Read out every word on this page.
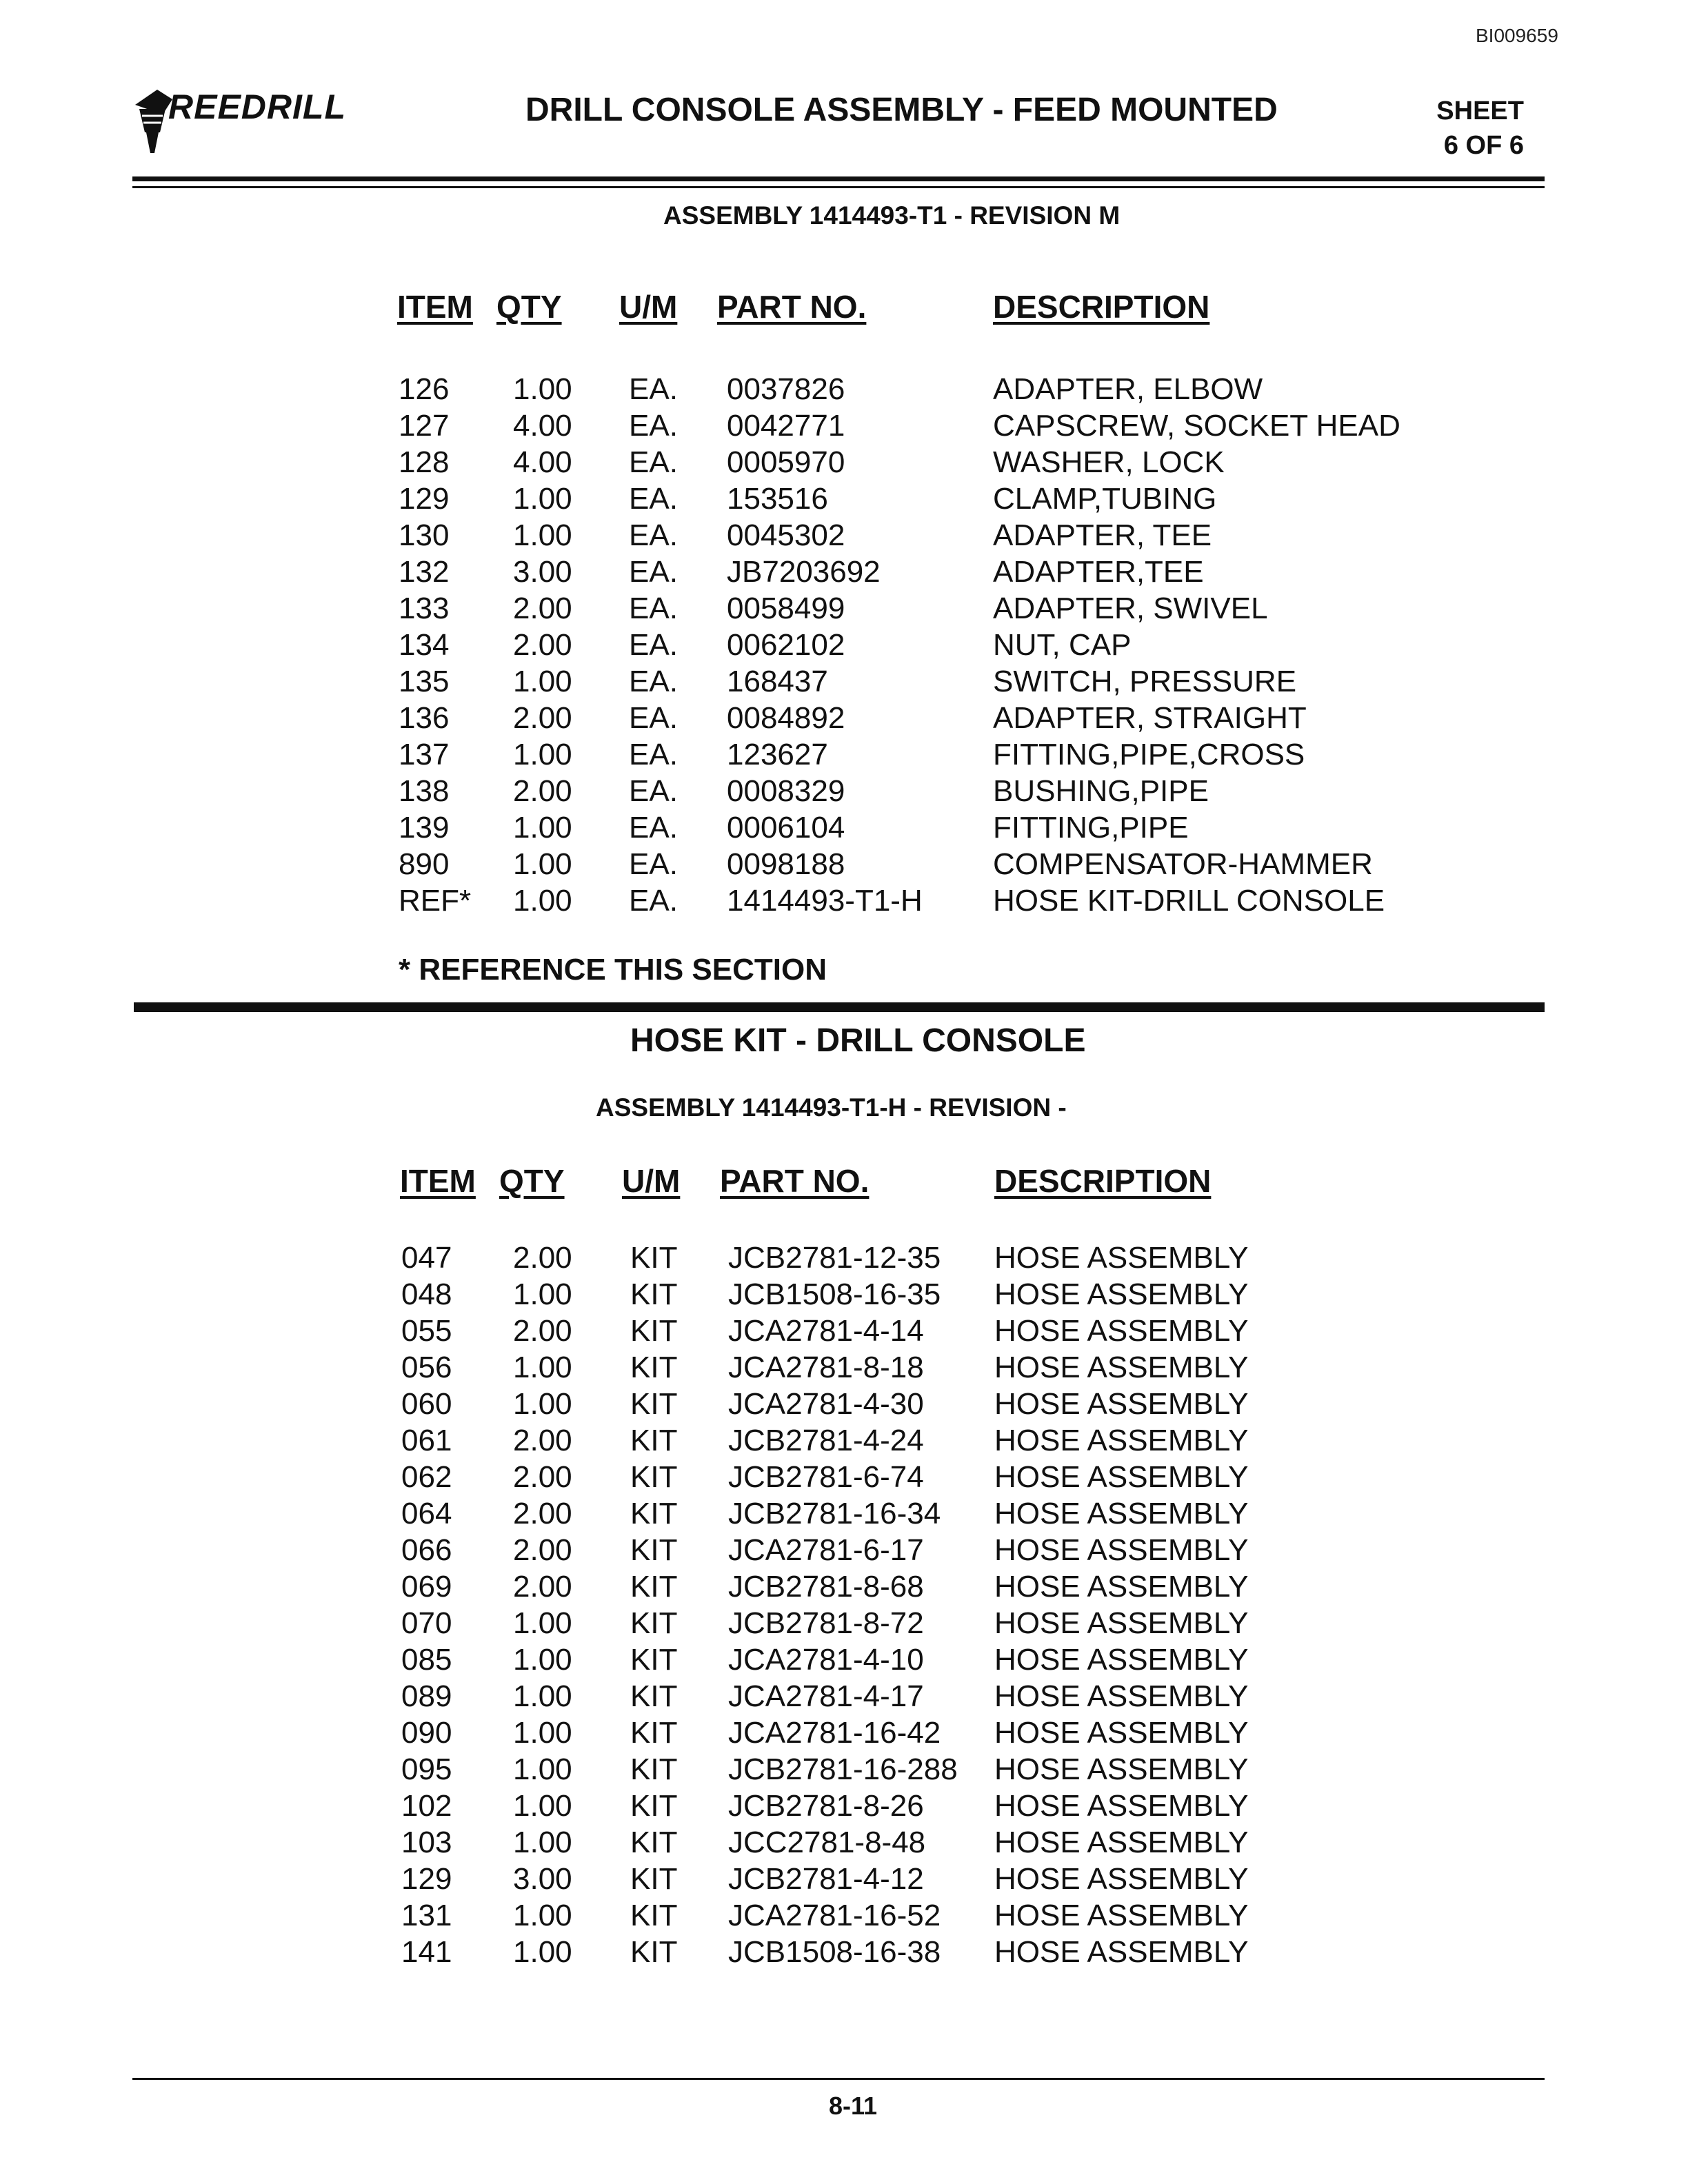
BI009659
REEDRILL	DRILL CONSOLE ASSEMBLY - FEED MOUNTED	SHEET
6 OF 6
ASSEMBLY 1414493-T1 - REVISION M
ITEM QTY U/M PART NO.	DESCRIPTION
126 1.00 EA. 0037826	ADAPTER, ELBOW
127 4.00 EA. 0042771	CAPSCREW, SOCKET HEAD
128 4.00 EA. 0005970	WASHER, LOCK
129 1.00 EA. 153516	CLAMP,TUBING
130 1.00 EA. 0045302	ADAPTER, TEE
132 3.00 EA. JB7203692	ADAPTER,TEE
133 2.00 EA. 0058499	ADAPTER, SWIVEL
134 2.00 EA. 0062102	NUT, CAP
135 1.00 EA. 168437	SWITCH, PRESSURE
136 2.00 EA. 0084892	ADAPTER, STRAIGHT
137 1.00 EA. 123627	FITTING,PIPE,CROSS
138 2.00 EA. 0008329	BUSHING,PIPE
139 1.00 EA. 0006104	FITTING,PIPE
890 1.00 EA. 0098188	COMPENSATOR-HAMMER
REF* 1.00 EA. 1414493-T1-H HOSE KIT-DRILL CONSOLE
* REFERENCE THIS SECTION
HOSE KIT - DRILL CONSOLE
ASSEMBLY 1414493-T1-H - REVISION -
ITEM QTY U/M PART NO.	DESCRIPTION
047 2.00 KIT JCB2781-12-35 HOSE ASSEMBLY
048 1.00 KIT JCB1508-16-35 HOSE ASSEMBLY
055 2.00 KIT JCA2781-4-14 HOSE ASSEMBLY
056 1.00 KIT JCA2781-8-18 HOSE ASSEMBLY
060 1.00 KIT JCA2781-4-30 HOSE ASSEMBLY
061 2.00 KIT JCB2781-4-24 HOSE ASSEMBLY
062 2.00 KIT JCB2781-6-74 HOSE ASSEMBLY
064 2.00 KIT JCB2781-16-34 HOSE ASSEMBLY
066 2.00 KIT JCA2781-6-17 HOSE ASSEMBLY
069 2.00 KIT JCB2781-8-68 HOSE ASSEMBLY
070 1.00 KIT JCB2781-8-72 HOSE ASSEMBLY
085 1.00 KIT JCA2781-4-10 HOSE ASSEMBLY
089 1.00 KIT JCA2781-4-17 HOSE ASSEMBLY
090 1.00 KIT JCA2781-16-42 HOSE ASSEMBLY
095 1.00 KIT JCB2781-16-288 HOSE ASSEMBLY
102 1.00 KIT JCB2781-8-26 HOSE ASSEMBLY
103 1.00 KIT JCC2781-8-48 HOSE ASSEMBLY
129 3.00 KIT JCB2781-4-12 HOSE ASSEMBLY
131 1.00 KIT JCA2781-16-52 HOSE ASSEMBLY
141 1.00 KIT JCB1508-16-38 HOSE ASSEMBLY
8-11
